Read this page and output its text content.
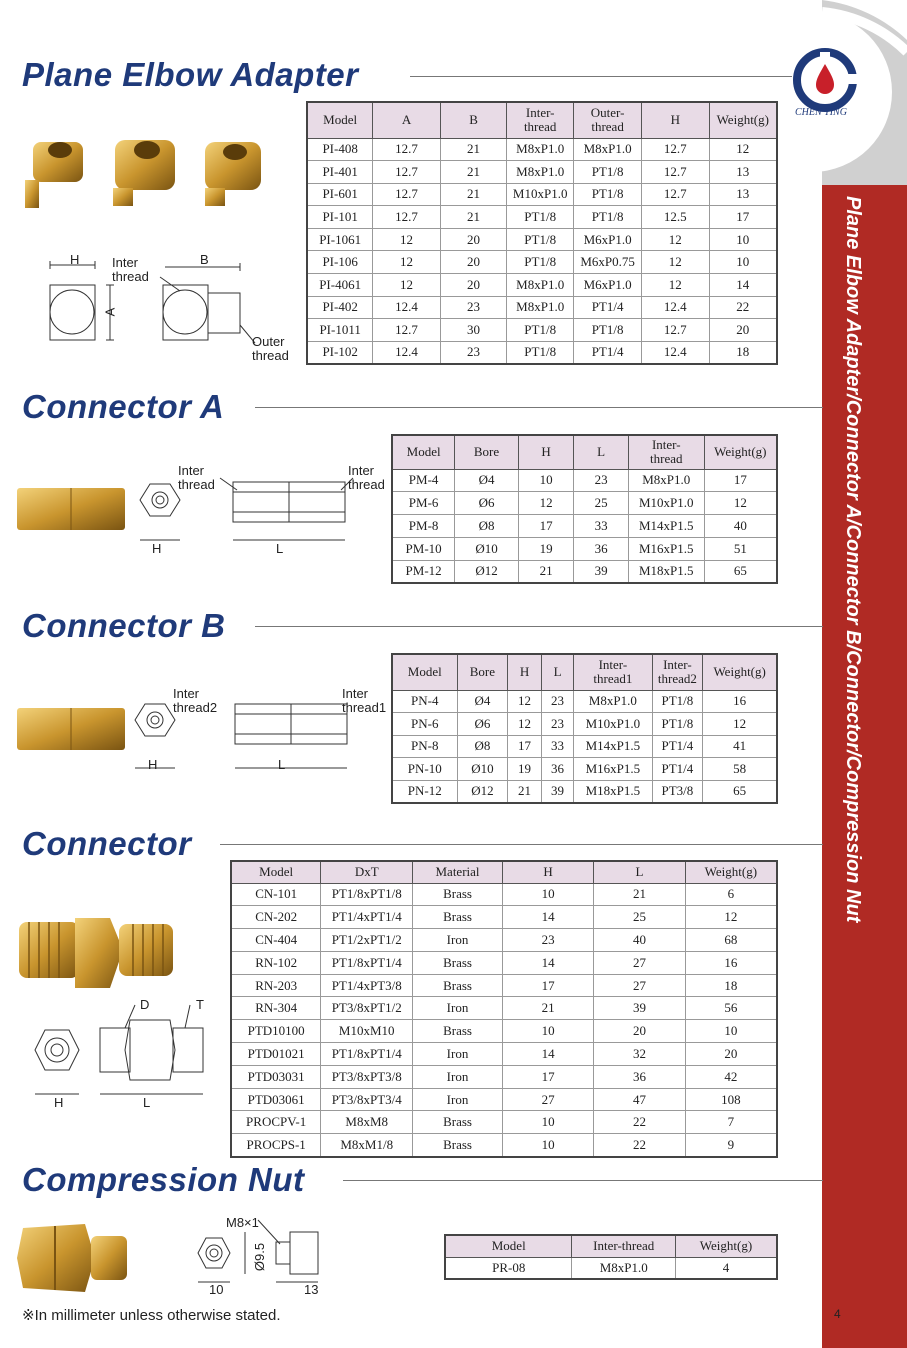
Plane Elbow Adapter/Connector A/Connector B/Connector/Compression Nut
CHEN YING
Plane Elbow Adapter
H	Inter
thread
B
A
Outer
thread
Model	A	B	Inter-
thread	Outer-
thread	H	Weight(g)
PI-408	12.7	21	M8xP1.0	M8xP1.0	12.7	12
PI-401	12.7	21	M8xP1.0	PT1/8	12.7	13
PI-601	12.7	21	M10xP1.0	PT1/8	12.7	13
PI-101	12.7	21	PT1/8	PT1/8	12.5	17
PI-1061	12	20	PT1/8	M6xP1.0	12	10
PI-106	12	20	PT1/8	M6xP0.75	12	10
PI-4061	12	20	M8xP1.0	M6xP1.0	12	14
PI-402	12.4	23	M8xP1.0	PT1/4	12.4	22
PI-1011	12.7	30	PT1/8	PT1/8	12.7	20
PI-102	12.4	23	PT1/8	PT1/4	12.4	18
Connector A
Inter
thread
Inter
thread
H	L
Model	Bore	H	L	Inter-
thread	Weight(g)
PM-4	Ø4	10	23	M8xP1.0	17
PM-6	Ø6	12	25	M10xP1.0	12
PM-8	Ø8	17	33	M14xP1.5	40
PM-10	Ø10	19	36	M16xP1.5	51
PM-12	Ø12	21	39	M18xP1.5	65
Connector B
Inter
thread2
Inter
thread1
H	L
Model	Bore	H	L	Inter-
thread1	Inter-
thread2	Weight(g)
PN-4	Ø4	12	23	M8xP1.0	PT1/8	16
PN-6	Ø6	12	23	M10xP1.0	PT1/8	12
PN-8	Ø8	17	33	M14xP1.5	PT1/4	41
PN-10	Ø10	19	36	M16xP1.5	PT1/4	58
PN-12	Ø12	21	39	M18xP1.5	PT3/8	65
Connector
D	T
H	L
Model	DxT	Material	H	L	Weight(g)
CN-101	PT1/8xPT1/8	Brass	10	21	6
CN-202	PT1/4xPT1/4	Brass	14	25	12
CN-404	PT1/2xPT1/2	Iron	23	40	68
RN-102	PT1/8xPT1/4	Brass	14	27	16
RN-203	PT1/4xPT3/8	Brass	17	27	18
RN-304	PT3/8xPT1/2	Iron	21	39	56
PTD10100	M10xM10	Brass	10	20	10
PTD01021	PT1/8xPT1/4	Iron	14	32	20
PTD03031	PT3/8xPT3/8	Iron	17	36	42
PTD03061	PT3/8xPT3/4	Iron	27	47	108
PROCPV-1	M8xM8	Brass	10	22	7
PROCPS-1	M8xM1/8	Brass	10	22	9
Compression Nut
M8×1
Ø9.5
10	13
Model	Inter-thread	Weight(g)
PR-08	M8xP1.0	4
※In millimeter unless otherwise stated.	4
